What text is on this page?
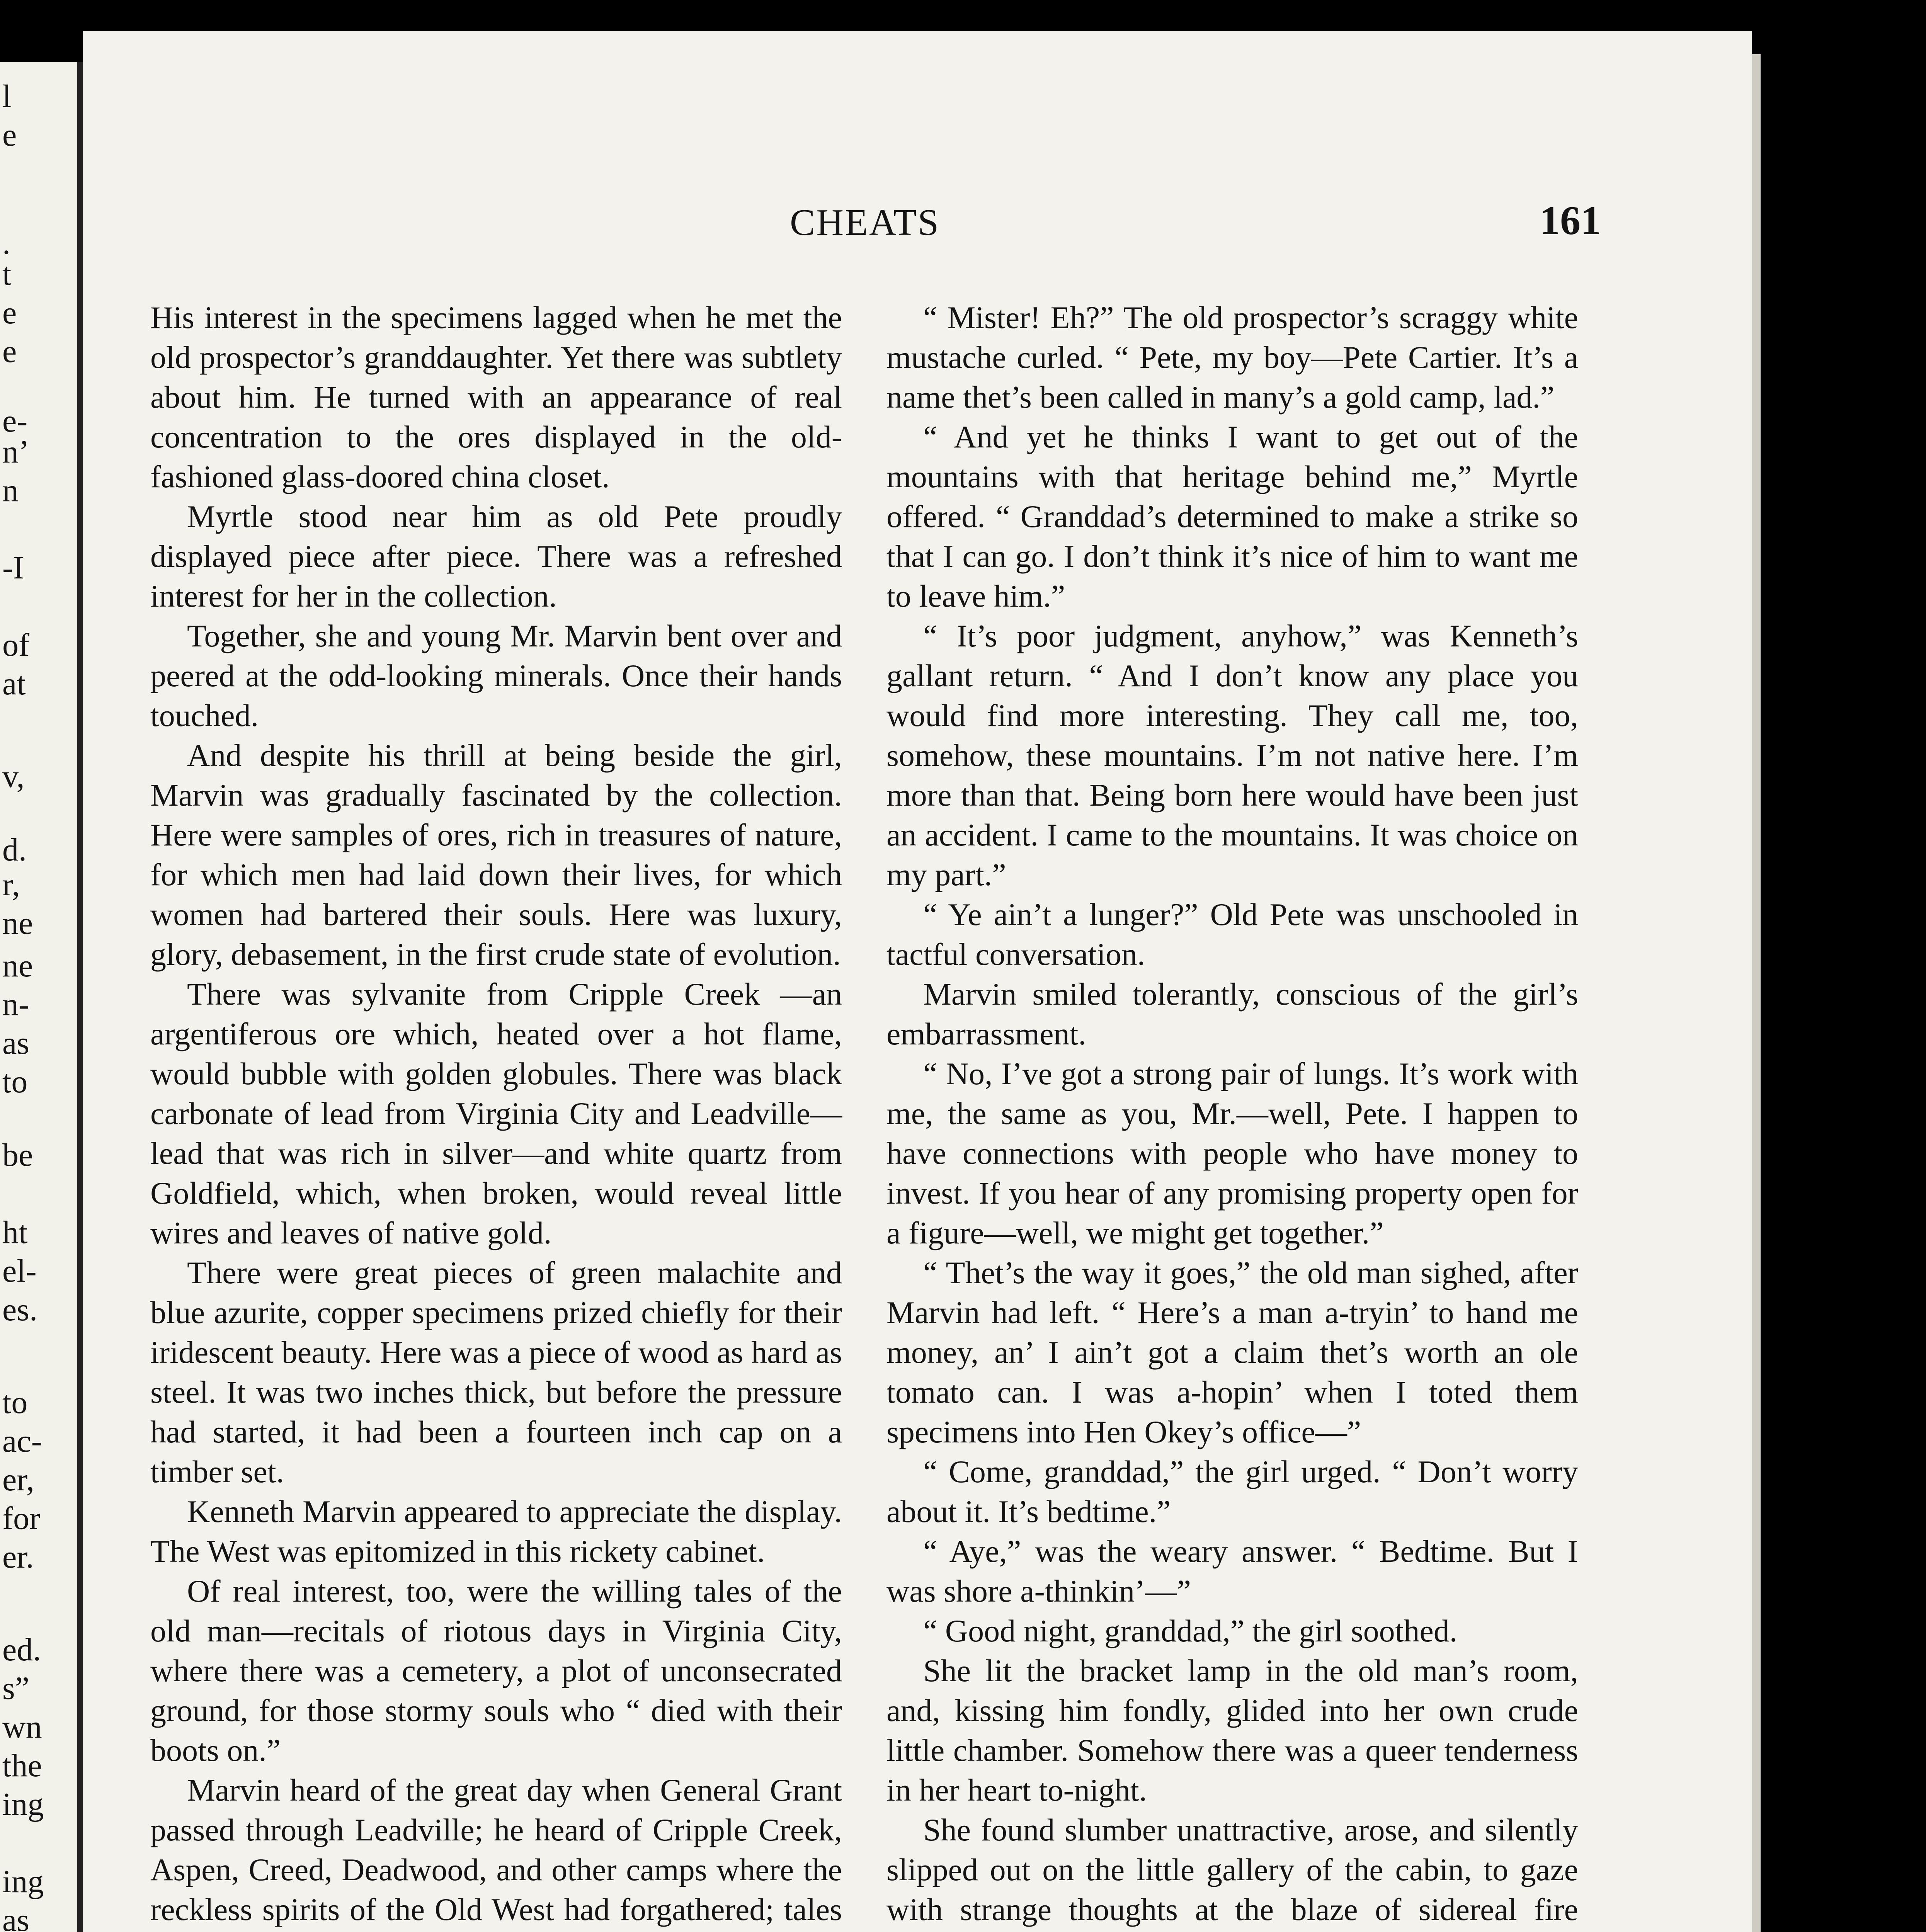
l
e
.
t
e
e
e-
n’
n
-I
of
at
v,
d.
r,
ne
ne
n-
as
to
be
ht
el-
es.
to
ac-
er,
for
er.
ed.
s”
wn
the
ing
ing
as
CHEATS	161

His interest in the specimens lagged when he met the old prospector’s granddaughter. Yet there was subtlety about him. He turned with an appearance of real concentration to the ores displayed in the old-fashioned glass-doored china closet.

Myrtle stood near him as old Pete proudly displayed piece after piece. There was a refreshed interest for her in the collection.

Together, she and young Mr. Marvin bent over and peered at the odd-looking minerals. Once their hands touched.

And despite his thrill at being beside the girl, Marvin was gradually fascinated by the collection. Here were samples of ores, rich in treasures of nature, for which men had laid down their lives, for which women had bartered their souls. Here was luxury, glory, debasement, in the first crude state of evolution.

There was sylvanite from Cripple Creek —an argentiferous ore which, heated over a hot flame, would bubble with golden globules. There was black carbonate of lead from Virginia City and Leadville—lead that was rich in silver—and white quartz from Goldfield, which, when broken, would reveal little wires and leaves of native gold.

There were great pieces of green malachite and blue azurite, copper specimens prized chiefly for their iridescent beauty. Here was a piece of wood as hard as steel. It was two inches thick, but before the pressure had started, it had been a fourteen inch cap on a timber set.

Kenneth Marvin appeared to appreciate the display. The West was epitomized in this rickety cabinet.

Of real interest, too, were the willing tales of the old man—recitals of riotous days in Virginia City, where there was a cemetery, a plot of unconsecrated ground, for those stormy souls who “ died with their boots on.”

Marvin heard of the great day when General Grant passed through Leadville; he heard of Cripple Creek, Aspen, Creed, Deadwood, and other camps where the reckless spirits of the Old West had forgathered; tales

“ Mister! Eh?” The old prospector’s scraggy white mustache curled. “ Pete, my boy—Pete Cartier. It’s a name thet’s been called in many’s a gold camp, lad.”

“ And yet he thinks I want to get out of the mountains with that heritage behind me,” Myrtle offered. “ Granddad’s determined to make a strike so that I can go. I don’t think it’s nice of him to want me to leave him.”

“ It’s poor judgment, anyhow,” was Kenneth’s gallant return. “ And I don’t know any place you would find more interesting. They call me, too, somehow, these mountains. I’m not native here. I’m more than that. Being born here would have been just an accident. I came to the mountains. It was choice on my part.”

“ Ye ain’t a lunger?” Old Pete was unschooled in tactful conversation.

Marvin smiled tolerantly, conscious of the girl’s embarrassment.

“ No, I’ve got a strong pair of lungs. It’s work with me, the same as you, Mr.—well, Pete. I happen to have connections with people who have money to invest. If you hear of any promising property open for a figure—well, we might get together.”

“ Thet’s the way it goes,” the old man sighed, after Marvin had left. “ Here’s a man a-tryin’ to hand me money, an’ I ain’t got a claim thet’s worth an ole tomato can. I was a-hopin’ when I toted them specimens into Hen Okey’s office—”

“ Come, granddad,” the girl urged. “ Don’t worry about it. It’s bedtime.”

“ Aye,” was the weary answer. “ Bedtime. But I was shore a-thinkin’—”

“ Good night, granddad,” the girl soothed.

She lit the bracket lamp in the old man’s room, and, kissing him fondly, glided into her own crude little chamber. Somehow there was a queer tenderness in her heart to-night.

She found slumber unattractive, arose, and silently slipped out on the little gallery of the cabin, to gaze with strange thoughts at the blaze of sidereal fire
